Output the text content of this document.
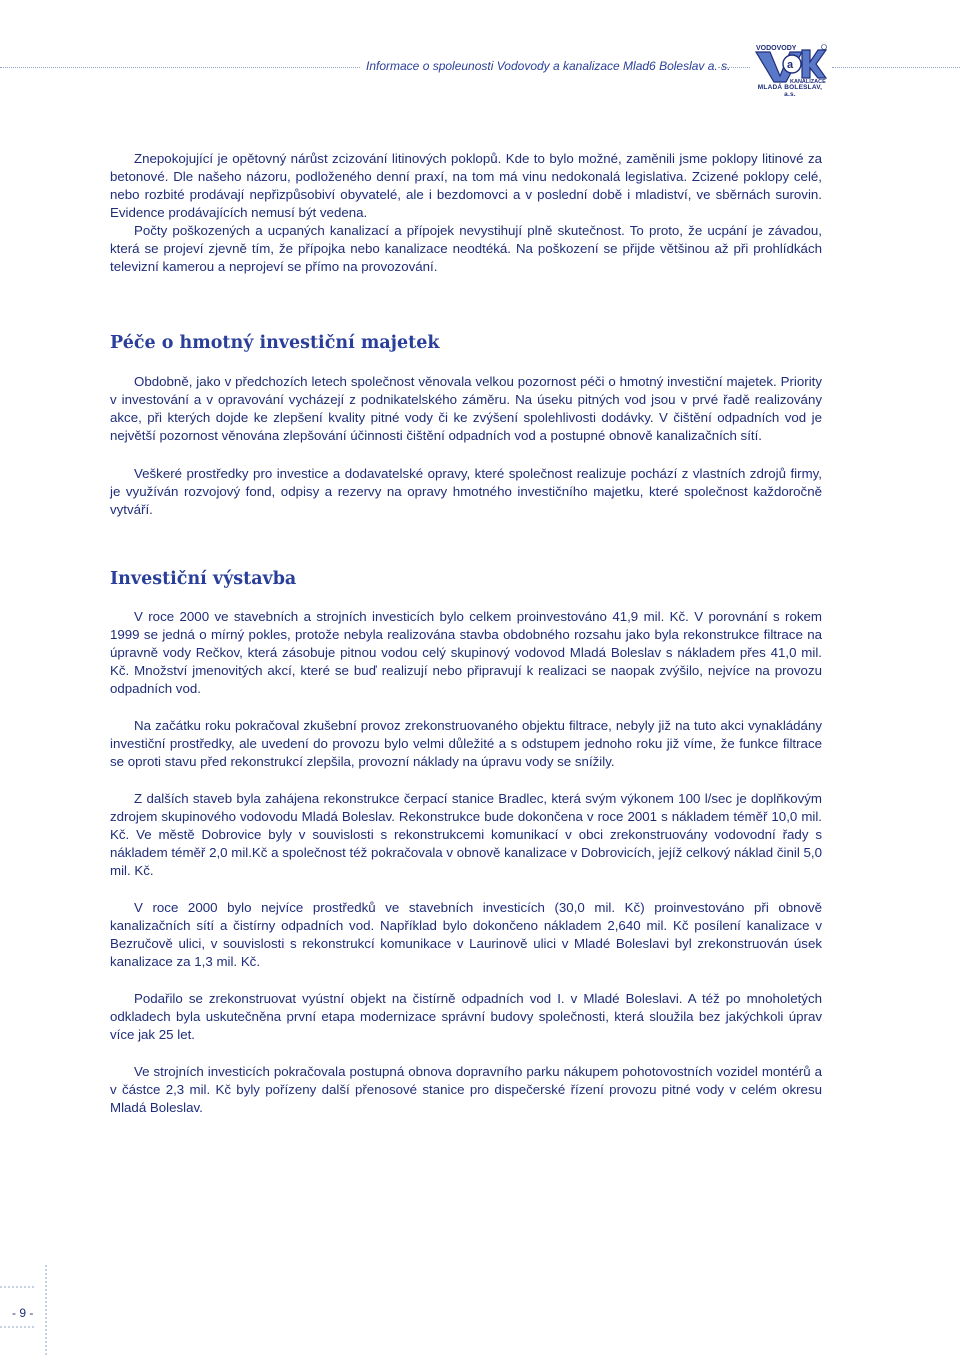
Informace o spoleunosti Vodovody a kanalizace Mlad6 Boleslav a. s.
VODOVODY
a
KANALIZACE
MLADÁ BOLESLAV, a.s.

Znepokojující je opětovný nárůst zcizování litinových poklopů. Kde to bylo možné, zaměnili jsme poklopy litinové za betonové. Dle našeho názoru, podloženého denní praxí, na tom má vinu nedokonalá legislativa. Zcizené poklopy celé, nebo rozbité prodávají nepřizpůsobiví obyvatelé, ale i bezdomovci a v poslední době i mladiství, ve sběrnách surovin. Evidence prodávajících nemusí být vedena.

Počty poškozených a ucpaných kanalizací a přípojek nevystihují plně skutečnost. To proto, že ucpání je závadou, která se projeví zjevně tím, že přípojka nebo kanalizace neodtéká. Na poškození se přijde většinou až při prohlídkách televizní kamerou a neprojeví se přímo na provozování.

Péče o hmotný investiční majetek

Obdobně, jako v předchozích letech společnost věnovala velkou pozornost péči o hmotný investiční majetek. Priority v investování a v opravování vycházejí z podnikatelského záměru. Na úseku pitných vod jsou v prvé řadě realizovány akce, při kterých dojde ke zlepšení kvality pitné vody či ke zvýšení spolehlivosti dodávky. V čištění odpadních vod je největší pozornost věnována zlepšování účinnosti čištění odpadních vod a postupné obnově kanalizačních sítí.

Veškeré prostředky pro investice a dodavatelské opravy, které společnost realizuje pochází z vlastních zdrojů firmy, je využíván rozvojový fond, odpisy a rezervy na opravy hmotného investičního majetku, které společnost každoročně vytváří.

Investiční výstavba

V roce 2000 ve stavebních a strojních investicích bylo celkem proinvestováno 41,9 mil. Kč. V porovnání s rokem 1999 se jedná o mírný pokles, protože nebyla realizována stavba obdobného rozsahu jako byla rekonstrukce filtrace na úpravně vody Rečkov, která zásobuje pitnou vodou celý skupinový vodovod Mladá Boleslav s nákladem přes 41,0 mil. Kč. Množství jmenovitých akcí, které se buď realizují nebo připravují k realizaci se naopak zvýšilo, nejvíce na provozu odpadních vod.

Na začátku roku pokračoval zkušební provoz zrekonstruovaného objektu filtrace, nebyly již na tuto akci vynakládány investiční prostředky, ale uvedení do provozu bylo velmi důležité a s odstupem jednoho roku již víme, že funkce filtrace se oproti stavu před rekonstrukcí zlepšila, provozní náklady na úpravu vody se snížily.

Z dalších staveb byla zahájena rekonstrukce čerpací stanice Bradlec, která svým výkonem 100 l/sec je doplňkovým zdrojem skupinového vodovodu Mladá Boleslav. Rekonstrukce bude dokončena v roce 2001 s nákladem téměř 10,0 mil. Kč. Ve městě Dobrovice byly v souvislosti s rekonstrukcemi komunikací v obci zrekonstruovány vodovodní řady s nákladem téměř 2,0 mil.Kč a společnost též pokračovala v obnově kanalizace v Dobrovicích, jejíž celkový náklad činil 5,0 mil. Kč.

V roce 2000 bylo nejvíce prostředků ve stavebních investicích (30,0 mil. Kč) proinvestováno při obnově kanalizačních sítí a čistírny odpadních vod. Například bylo dokončeno nákladem 2,640 mil. Kč posílení kanalizace v Bezručově ulici, v souvislosti s rekonstrukcí komunikace v Laurinově ulici v Mladé Boleslavi byl zrekonstruován úsek kanalizace za 1,3 mil. Kč.

Podařilo se zrekonstruovat vyústní objekt na čistírně odpadních vod I. v Mladé Boleslavi. A též po mnoholetých odkladech byla uskutečněna první etapa modernizace správní budovy společnosti, která sloužila bez jakýchkoli úprav více jak 25 let.

Ve strojních investicích pokračovala postupná obnova dopravního parku nákupem pohotovostních vozidel montérů a v částce 2,3 mil. Kč byly pořízeny další přenosové stanice pro dispečerské řízení provozu pitné vody v celém okresu Mladá Boleslav.

- 9 -
